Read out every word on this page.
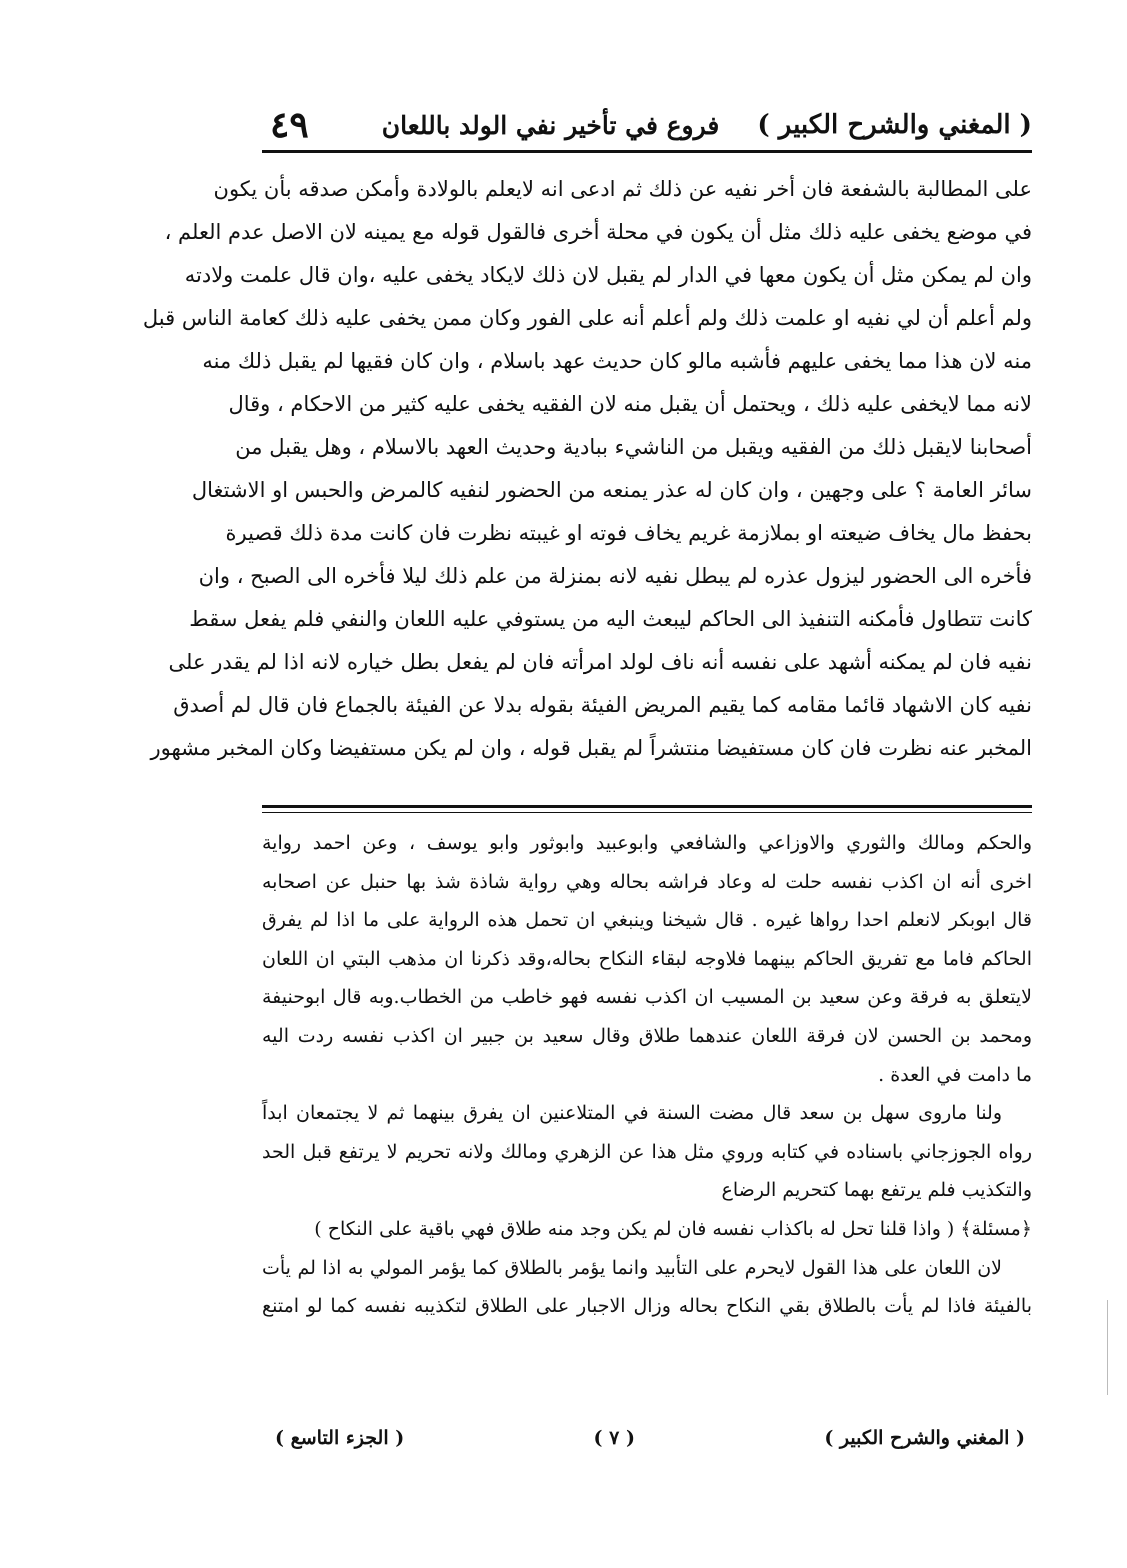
( المغني والشرح الكبير )
فروع في تأخير نفي الولد باللعان
٤٩

على المطالبة بالشفعة فان أخر نفيه عن ذلك ثم ادعى انه لايعلم بالولادة وأمكن صدقه بأن يكون

في موضع يخفى عليه ذلك مثل أن يكون في محلة أخرى فالقول قوله مع يمينه لان الاصل عدم العلم ،

وان لم يمكن مثل أن يكون معها في الدار لم يقبل لان ذلك لايكاد يخفى عليه ،وان قال علمت ولادته

ولم أعلم أن لي نفيه او علمت ذلك ولم أعلم أنه على الفور وكان ممن يخفى عليه ذلك كعامة الناس قبل

منه لان هذا مما يخفى عليهم فأشبه مالو كان حديث عهد باسلام ، وان كان فقيها لم يقبل ذلك منه

لانه مما لايخفى عليه ذلك ، ويحتمل أن يقبل منه لان الفقيه يخفى عليه كثير من الاحكام ، وقال

أصحابنا لايقبل ذلك من الفقيه ويقبل من الناشيء ببادية وحديث العهد بالاسلام ، وهل يقبل من

سائر العامة ؟ على وجهين ، وان كان له عذر يمنعه من الحضور لنفيه كالمرض والحبس او الاشتغال

بحفظ مال يخاف ضيعته او بملازمة غريم يخاف فوته او غيبته نظرت فان كانت مدة ذلك قصيرة

فأخره الى الحضور ليزول عذره لم يبطل نفيه لانه بمنزلة من علم ذلك ليلا فأخره الى الصبح ، وان

كانت تتطاول فأمكنه التنفيذ الى الحاكم ليبعث اليه من يستوفي عليه اللعان والنفي فلم يفعل سقط

نفيه فان لم يمكنه أشهد على نفسه أنه ناف لولد امرأته فان لم يفعل بطل خياره لانه اذا لم يقدر على

نفيه كان الاشهاد قائما مقامه كما يقيم المريض الفيئة بقوله بدلا عن الفيئة بالجماع فان قال لم أصدق

المخبر عنه نظرت فان كان مستفيضا منتشراً لم يقبل قوله ، وان لم يكن مستفيضا وكان المخبر مشهور

والحكم ومالك والثوري والاوزاعي والشافعي وابوعبيد وابوثور وابو يوسف ، وعن احمد رواية

اخرى أنه ان اكذب نفسه حلت له وعاد فراشه بحاله وهي رواية شاذة شذ بها حنبل عن اصحابه

قال ابوبكر لانعلم احدا رواها غيره . قال شيخنا وينبغي ان تحمل هذه الرواية على ما اذا لم يفرق

الحاكم فاما مع تفريق الحاكم بينهما فلاوجه لبقاء النكاح بحاله،وقد ذكرنا ان مذهب البتي ان اللعان

لايتعلق به فرقة وعن سعيد بن المسيب ان اكذب نفسه فهو خاطب من الخطاب.وبه قال ابوحنيفة

ومحمد بن الحسن لان فرقة اللعان عندهما طلاق وقال سعيد بن جبير ان اكذب نفسه ردت اليه

ما دامت في العدة .

ولنا ماروى سهل بن سعد قال مضت السنة في المتلاعنين ان يفرق بينهما ثم لا يجتمعان ابداً

رواه الجوزجاني باسناده في كتابه وروي مثل هذا عن الزهري ومالك ولانه تحريم لا يرتفع قبل الحد

والتكذيب فلم يرتفع بهما كتحريم الرضاع

﴿مسئلة﴾ ( واذا قلنا تحل له باكذاب نفسه فان لم يكن وجد منه طلاق فهي باقية على النكاح )

لان اللعان على هذا القول لايحرم على التأبيد وانما يؤمر بالطلاق كما يؤمر المولي به اذا لم يأت

بالفيئة فاذا لم يأت بالطلاق بقي النكاح بحاله وزال الاجبار على الطلاق لتكذيبه نفسه كما لو امتنع

( المغني والشرح الكبير )
( ٧ )
( الجزء التاسع )
